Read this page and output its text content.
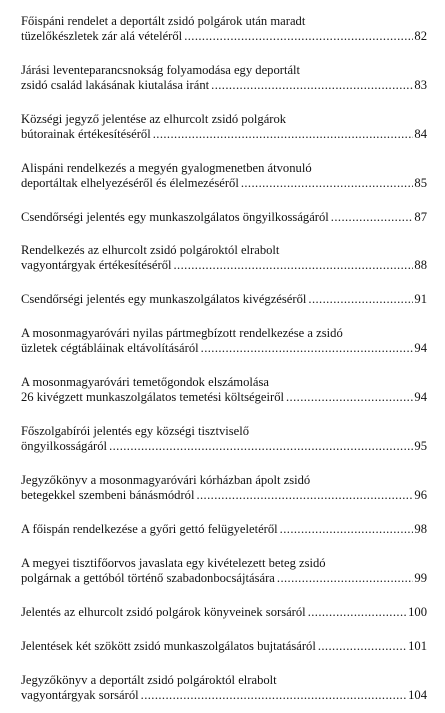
Főispáni rendelet a deportált zsidó polgárok után maradt
tüzelőkészletek zár alá vételéről .....	82
Járási leventeparancsnokság folyamodása egy deportált
zsidó család lakásának kiutalása iránt .....	83
Községi jegyző jelentése az elhurcolt zsidó polgárok
bútorainak értékesítéséről .....	84
Alispáni rendelkezés a megyén gyalogmenetben átvonuló
deportáltak elhelyezéséről és élelmezéséről .....	85
Csendőrségi jelentés egy munkaszolgálatos öngyilkosságáról .....	87
Rendelkezés az elhurcolt zsidó polgároktól elrabolt
vagyontárgyak értékesítéséről .....	88
Csendőrségi jelentés egy munkaszolgálatos kivégzéséről .....	91
A mosonmagyaróvári nyilas pártmegbízott rendelkezése a zsidó
üzletek cégtábláinak eltávolításáról .....	94
A mosonmagyaróvári temetőgondok elszámolása
26 kivégzett munkaszolgálatos temetési költségeiről .....	94
Főszolgabírói jelentés egy községi tisztviselő
öngyilkosságáról .....	95
Jegyzőkönyv a mosonmagyaróvári kórházban ápolt zsidó
betegekkel szembeni bánásmódról .....	96
A főispán rendelkezése a győri gettó felügyeletéről .....	98
A megyei tisztifőorvos javaslata egy kivételezett beteg zsidó
polgárnak a gettóból történő szabadonbocsájtására .....	99
Jelentés az elhurcolt zsidó polgárok könyveinek sorsáról .....	100
Jelentések két szökött zsidó munkaszolgálatos bujtatásáról .....	101
Jegyzőkönyv a deportált zsidó polgároktól elrabolt
vagyontárgyak sorsáról .....	104
